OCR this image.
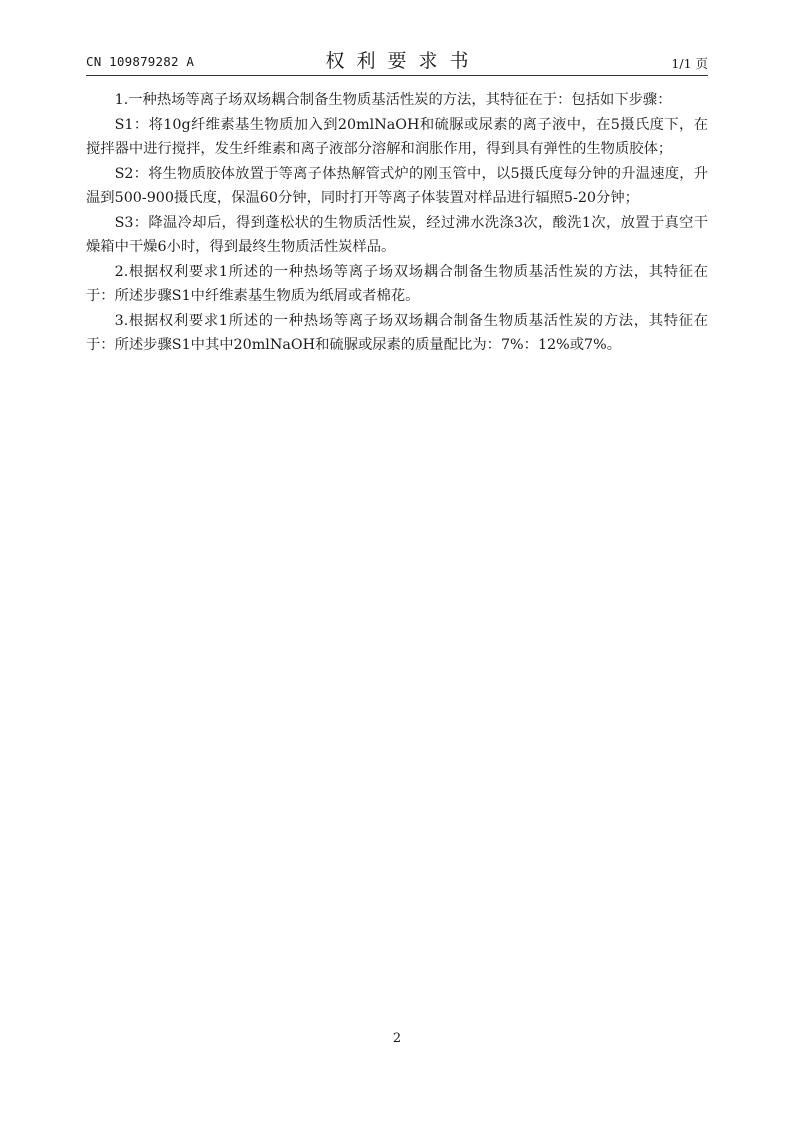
CN 109879282 A	权利要求书	1/1 页

1.一种热场等离子场双场耦合制备生物质基活性炭的方法，其特征在于：包括如下步骤：

S1：将10g纤维素基生物质加入到20mlNaOH和硫脲或尿素的离子液中，在5摄氏度下，在搅拌器中进行搅拌，发生纤维素和离子液部分溶解和润胀作用，得到具有弹性的生物质胶体；

S2：将生物质胶体放置于等离子体热解管式炉的刚玉管中，以5摄氏度每分钟的升温速度，升温到500-900摄氏度，保温60分钟，同时打开等离子体装置对样品进行辐照5-20分钟；

S3：降温冷却后，得到蓬松状的生物质活性炭，经过沸水洗涤3次，酸洗1次，放置于真空干燥箱中干燥6小时，得到最终生物质活性炭样品。

2.根据权利要求1所述的一种热场等离子场双场耦合制备生物质基活性炭的方法，其特征在于：所述步骤S1中纤维素基生物质为纸屑或者棉花。

3.根据权利要求1所述的一种热场等离子场双场耦合制备生物质基活性炭的方法，其特征在于：所述步骤S1中其中20mlNaOH和硫脲或尿素的质量配比为：7%：12%或7%。

2
